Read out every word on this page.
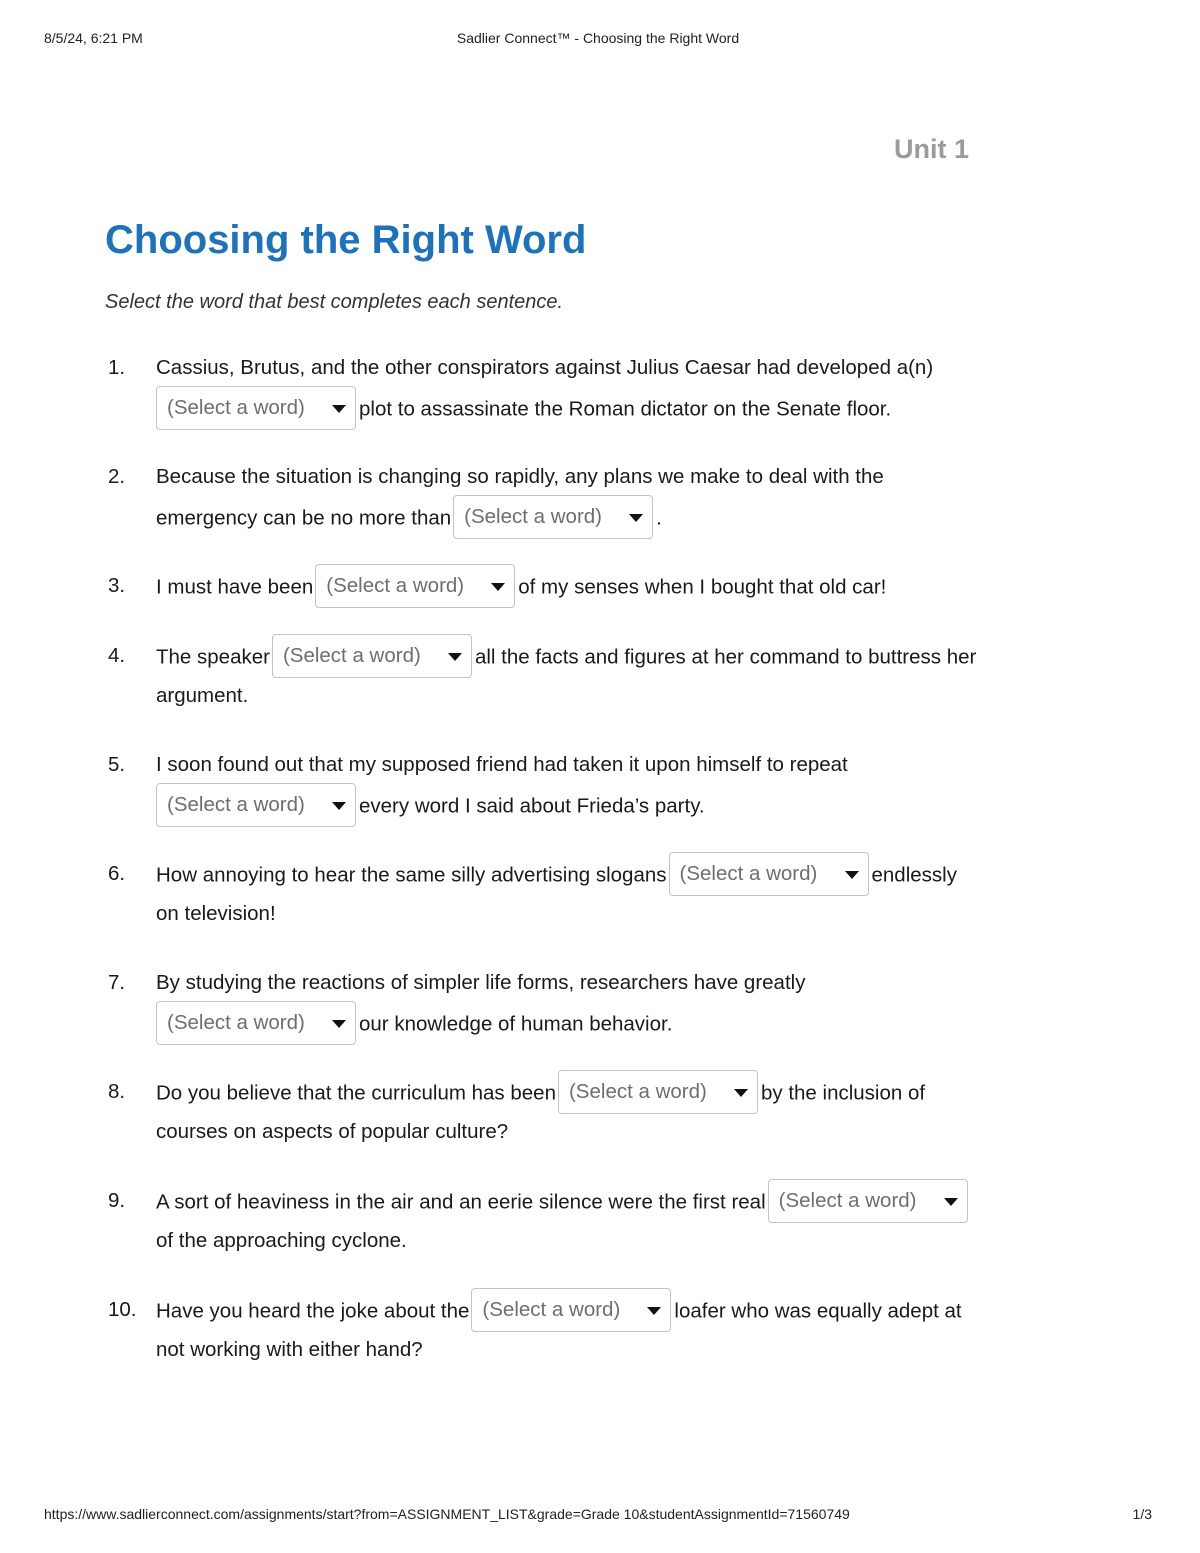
8/5/24, 6:21 PM	Sadlier Connect™ - Choosing the Right Word
Unit 1
Choosing the Right Word
Select the word that best completes each sentence.
1.	Cassius, Brutus, and the other conspirators against Julius Caesar had developed a(n)
(Select a word)	plot to assassinate the Roman dictator on the Senate floor.
2.	Because the situation is changing so rapidly, any plans we make to deal with the
emergency can be no more than (Select a word)	.
3.	I must have been (Select a word)	of my senses when I bought that old car!
4.	The speaker (Select a word)	all the facts and figures at her command to buttress her
argument.
5.	I soon found out that my supposed friend had taken it upon himself to repeat
(Select a word)	every word I said about Frieda’s party.
6.	How annoying to hear the same silly advertising slogans (Select a word)	endlessly
on television!
7.	By studying the reactions of simpler life forms, researchers have greatly
(Select a word)	our knowledge of human behavior.
8.	Do you believe that the curriculum has been (Select a word)	by the inclusion of
courses on aspects of popular culture?
9.	A sort of heaviness in the air and an eerie silence were the first real (Select a word)
of the approaching cyclone.
10. Have you heard the joke about the (Select a word)	loafer who was equally adept at
not working with either hand?
https://www.sadlierconnect.com/assignments/start?from=ASSIGNMENT_LIST&grade=Grade 10&studentAssignmentId=71560749	1/3
